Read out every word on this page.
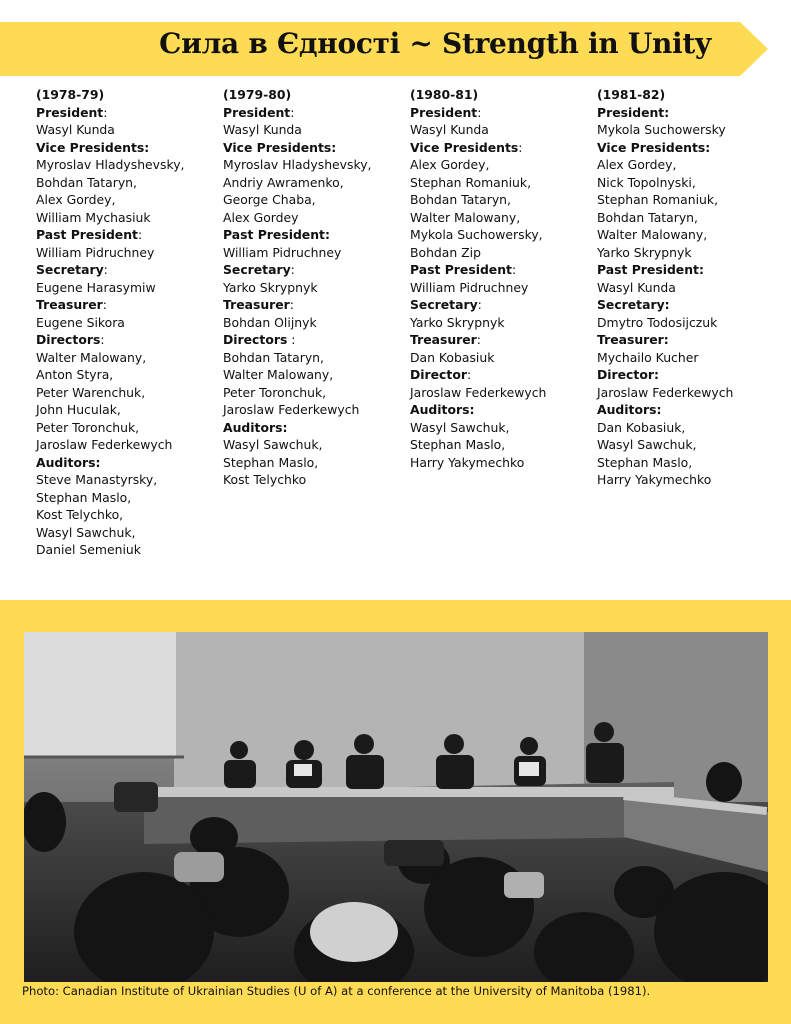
Сила в Єдності ~ Strength in Unity
(1978-79)
President:
Wasyl Kunda
Vice Presidents:
Myroslav Hladyshevsky,
Bohdan Tataryn,
Alex Gordey,
William Mychasiuk
Past President:
William Pidruchney
Secretary:
Eugene Harasymiw
Treasurer:
Eugene Sikora
Directors:
Walter Malowany,
Anton Styra,
Peter Warenchuk,
John Huculak,
Peter Toronchuk,
Jaroslaw Federkewych
Auditors:
Steve Manastyrsky,
Stephan Maslo,
Kost Telychko,
Wasyl Sawchuk,
Daniel Semeniuk
(1979-80)
President:
Wasyl Kunda
Vice Presidents:
Myroslav Hladyshevsky,
Andriy Awramenko,
George Chaba,
Alex Gordey
Past President:
William Pidruchney
Secretary:
Yarko Skrypnyk
Treasurer:
Bohdan Olijnyk
Directors :
Bohdan Tataryn,
Walter Malowany,
Peter Toronchuk,
Jaroslaw Federkewych
Auditors:
Wasyl Sawchuk,
Stephan Maslo,
Kost Telychko
(1980-81)
President:
Wasyl Kunda
Vice Presidents:
Alex Gordey,
Stephan Romaniuk,
Bohdan Tataryn,
Walter Malowany,
Mykola Suchowersky,
Bohdan Zip
Past President:
William Pidruchney
Secretary:
Yarko Skrypnyk
Treasurer:
Dan Kobasiuk
Director:
Jaroslaw Federkewych
Auditors:
Wasyl Sawchuk,
Stephan Maslo,
Harry Yakymechko
(1981-82)
President:
Mykola Suchowersky
Vice Presidents:
Alex Gordey,
Nick Topolnyski,
Stephan Romaniuk,
Bohdan Tataryn,
Walter Malowany,
Yarko Skrypnyk
Past President:
Wasyl Kunda
Secretary:
Dmytro Todosijczuk
Treasurer:
Mychailo Kucher
Director:
Jaroslaw Federkewych
Auditors:
Dan Kobasiuk,
Wasyl Sawchuk,
Stephan Maslo,
Harry Yakymechko
Photo: Canadian Institute of Ukrainian Studies (U of A) at a conference at the University of Manitoba (1981).
